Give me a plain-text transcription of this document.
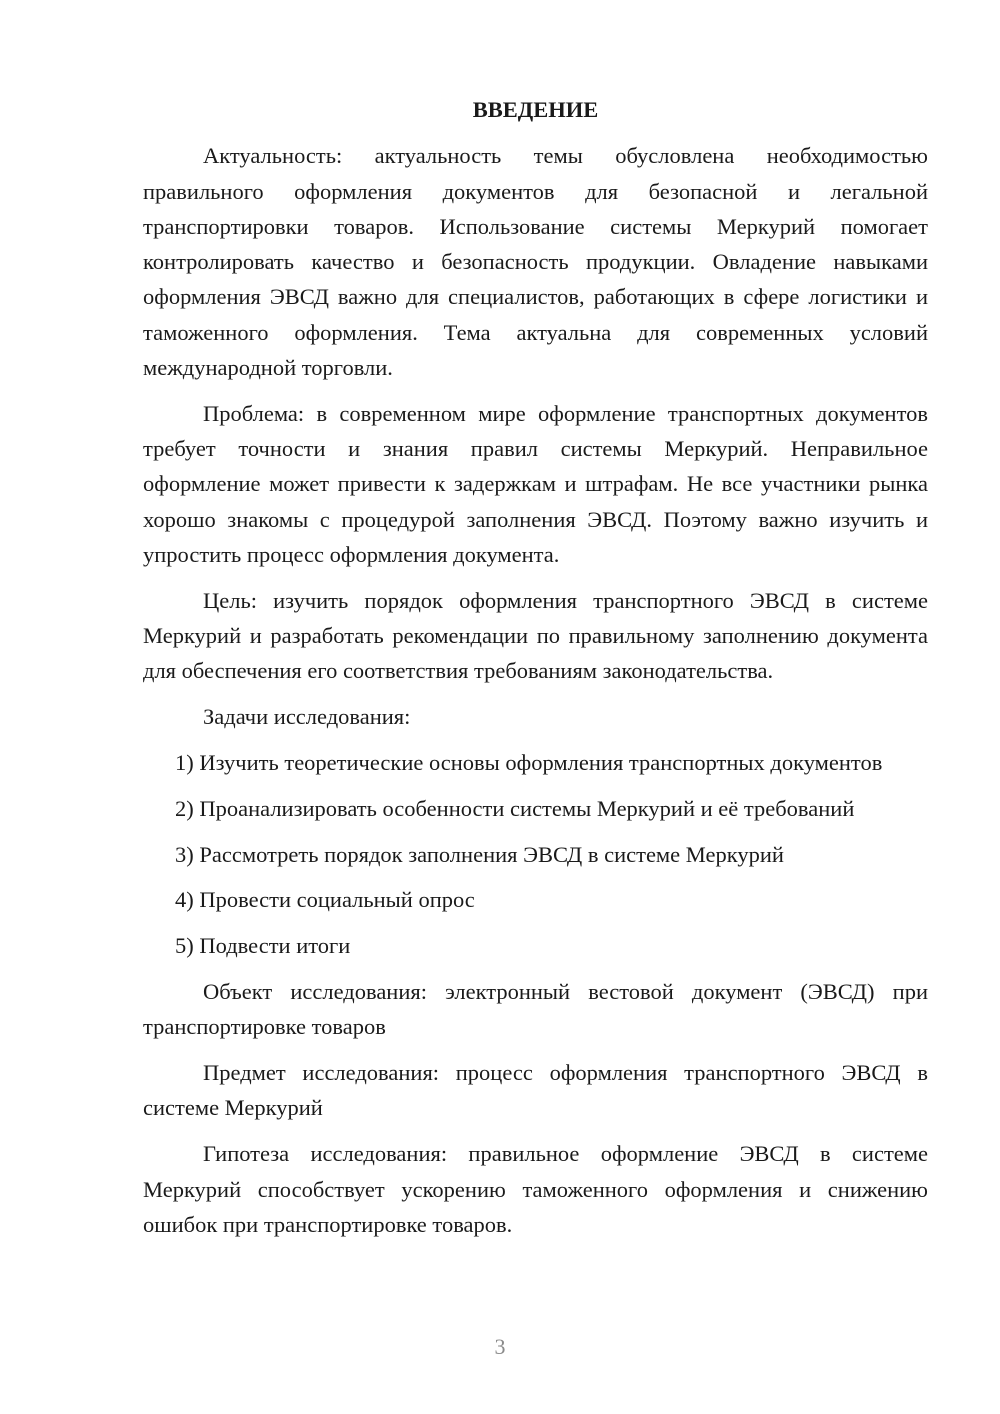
ВВЕДЕНИЕ

Актуальность: актуальность темы обусловлена необходимостью правильного оформления документов для безопасной и легальной транспортировки товаров. Использование системы Меркурий помогает контролировать качество и безопасность продукции. Овладение навыками оформления ЭВСД важно для специалистов, работающих в сфере логистики и таможенного оформления. Тема актуальна для современных условий международной торговли.

Проблема: в современном мире оформление транспортных документов требует точности и знания правил системы Меркурий. Неправильное оформление может привести к задержкам и штрафам. Не все участники рынка хорошо знакомы с процедурой заполнения ЭВСД. Поэтому важно изучить и упростить процесс оформления документа.

Цель: изучить порядок оформления транспортного ЭВСД в системе Меркурий и разработать рекомендации по правильному заполнению документа для обеспечения его соответствия требованиям законодательства.

Задачи исследования:

1) Изучить теоретические основы оформления транспортных документов

2) Проанализировать особенности системы Меркурий и её требований

3) Рассмотреть порядок заполнения ЭВСД в системе Меркурий

4) Провести социальный опрос

5) Подвести итоги

Объект исследования: электронный вестовой документ (ЭВСД) при транспортировке товаров

Предмет исследования: процесс оформления транспортного ЭВСД в системе Меркурий

Гипотеза исследования: правильное оформление ЭВСД в системе Меркурий способствует ускорению таможенного оформления и снижению ошибок при транспортировке товаров.

3
